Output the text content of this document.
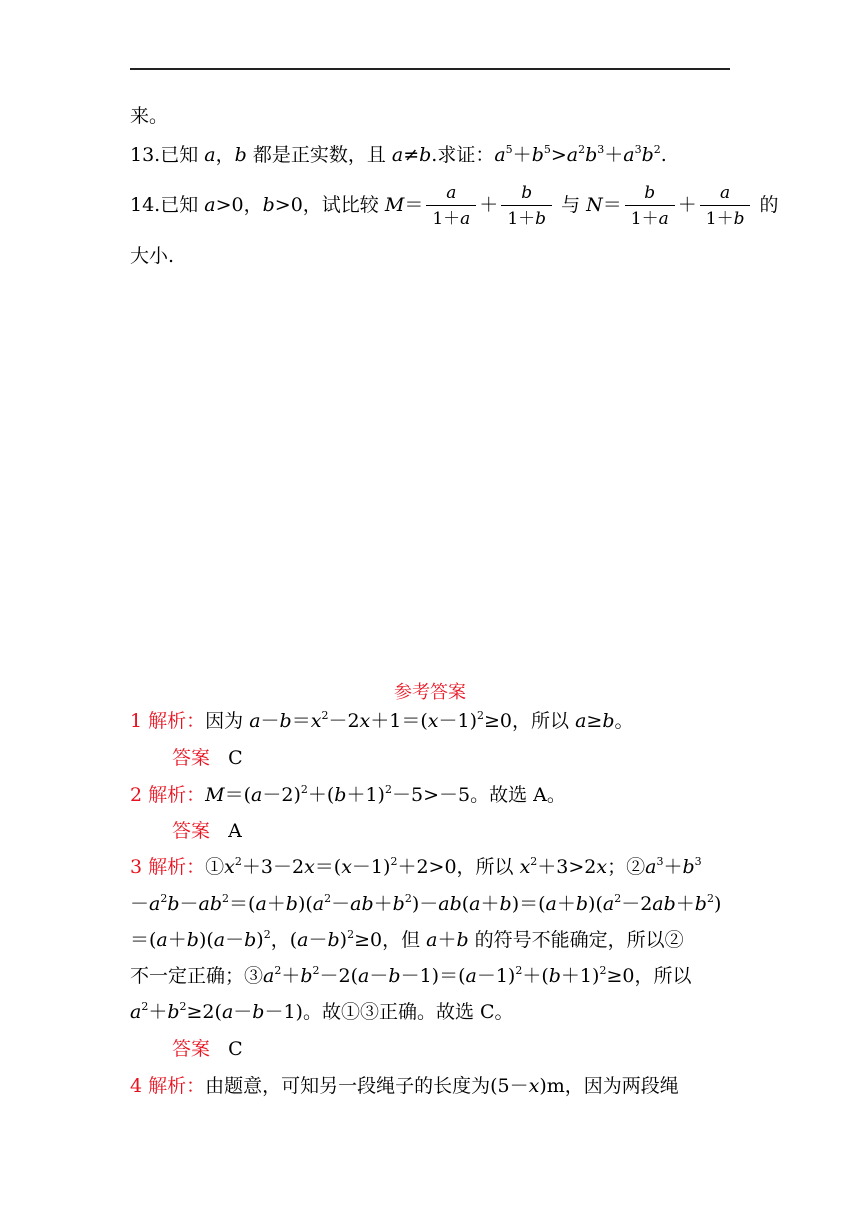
来。
13.已知 a，b 都是正实数，且 a≠b.求证：$a^5+b^5>a^2b^3+a^3b^2$.
14.已知 a>0，b>0，试比较 $M= \frac{a}{1+a} + \frac{b}{1+b}$ 与 $N= \frac{b}{1+a} + \frac{a}{1+b}$ 的
大小.
参考答案
1 解析：因为 $a-b=x^2-2x+1=(x-1)^2\ge 0$，所以 a≥b。
答案 C
2 解析：$M=(a-2)^2+(b+1)^2-5>-5$。故选 A。
答案 A
3 解析：$①x^2+3-2x=(x-1)^2+2>0$，所以 $x^2+3>2x$；$②a^3+b^3$
$-a^2b-ab^2=(a+b)(a^2-ab+b^2)-ab(a+b)=(a+b)(a^2-2ab+b^2)$
$=(a+b)(a-b)^2$，$(a-b)^2\ge 0$，但 a＋b 的符号不能确定，所以②
不一定正确；$③a^2+b^2-2(a-b-1)=(a-1)^2+(b+1)^2\ge 0$，所以
$a^2+b^2\ge 2(a-b-1)$。故①③正确。故选 C。
答案 C
4 解析：由题意，可知另一段绳子的长度为(5－x)m，因为两段绳
